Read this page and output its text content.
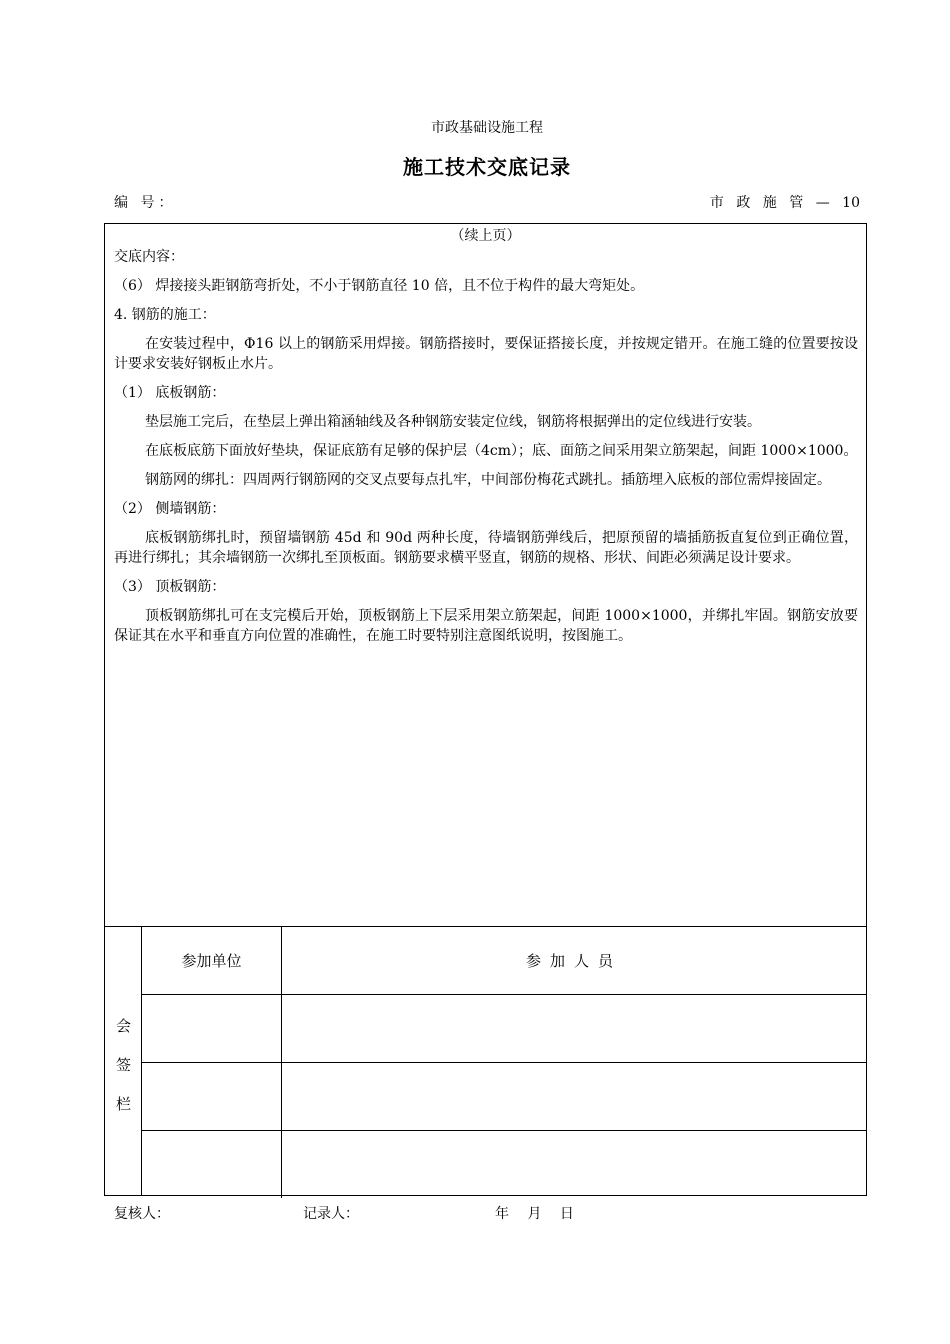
市政基础设施工程
施工技术交底记录
编 号：	市 政 施 管 — 10
（续上页）
交底内容：
（6） 焊接接头距钢筋弯折处，不小于钢筋直径 10 倍，且不位于构件的最大弯矩处。
4. 钢筋的施工：
在安装过程中，Φ16 以上的钢筋采用焊接。钢筋搭接时，要保证搭接长度，并按规定错开。在施工缝的位置要按设计要求安装好钢板止水片。
（1） 底板钢筋：
垫层施工完后，在垫层上弹出箱涵轴线及各种钢筋安装定位线，钢筋将根据弹出的定位线进行安装。
在底板底筋下面放好垫块，保证底筋有足够的保护层（4cm）；底、面筋之间采用架立筋架起，间距 1000×1000。
钢筋网的绑扎：四周两行钢筋网的交叉点要每点扎牢，中间部份梅花式跳扎。插筋埋入底板的部位需焊接固定。
（2） 侧墙钢筋：
底板钢筋绑扎时，预留墙钢筋 45d 和 90d 两种长度，待墙钢筋弹线后，把原预留的墙插筋扳直复位到正确位置，再进行绑扎；其余墙钢筋一次绑扎至顶板面。钢筋要求横平竖直，钢筋的规格、形状、间距必须满足设计要求。
（3） 顶板钢筋：
顶板钢筋绑扎可在支完模后开始，顶板钢筋上下层采用架立筋架起，间距 1000×1000，并绑扎牢固。钢筋安放要保证其在水平和垂直方向位置的准确性，在施工时要特别注意图纸说明，按图施工。
会
签
栏
参加单位	参加人员
复核人：	记录人：	年　 月　 日
